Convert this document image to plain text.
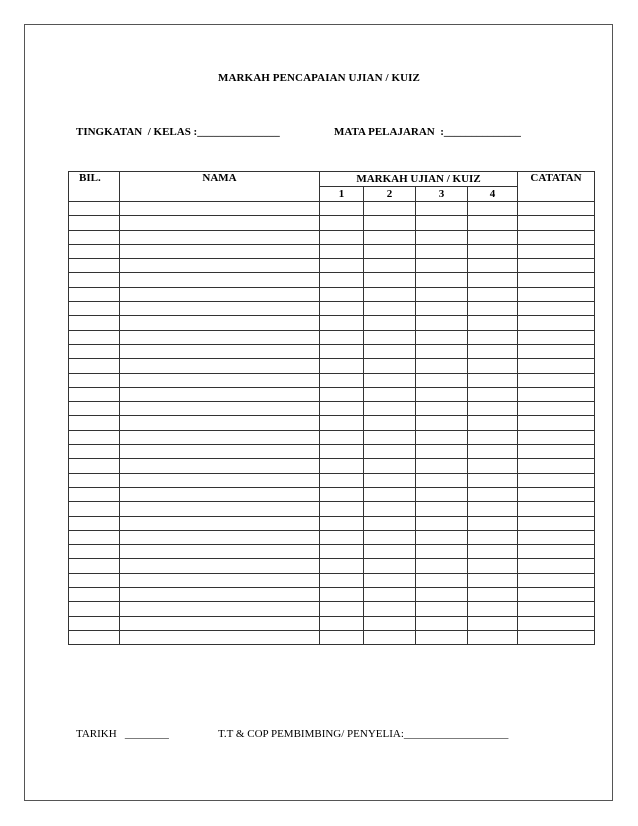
MARKAH PENCAPAIAN UJIAN / KUIZ
TINGKATAN  / KELAS :_______________	MATA PELAJARAN  :______________
BIL.	NAMA	MARKAH UJIAN / KUIZ				CATATAN
		1	2	3	4	

TARIKH   ________	T.T & COP PEMBIMBING/ PENYELIA:___________________
